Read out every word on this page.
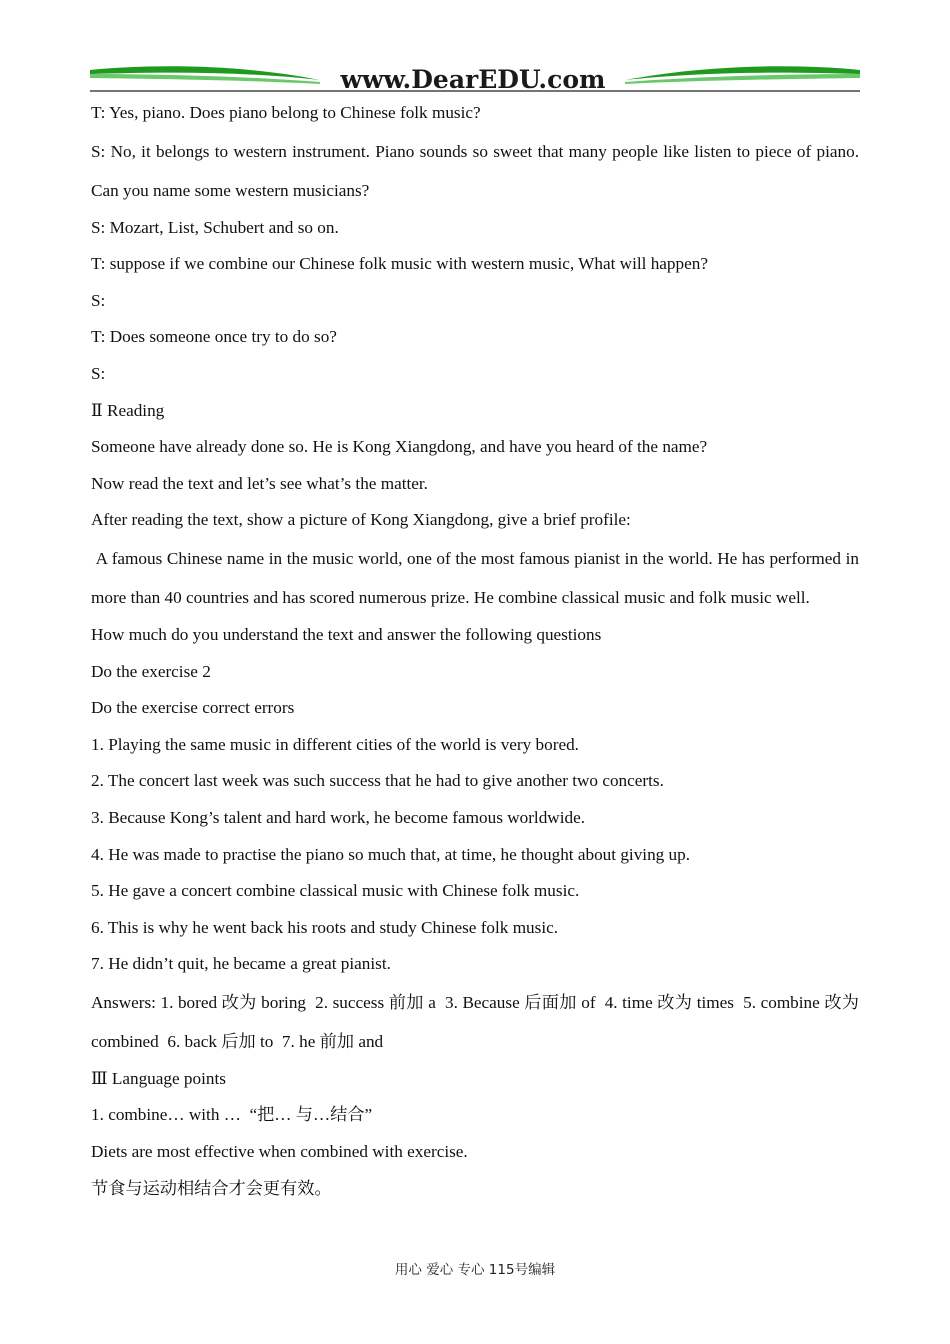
www.DearEDU.com
T: Yes, piano. Does piano belong to Chinese folk music?
S: No, it belongs to western instrument. Piano sounds so sweet that many people like listen to piece of piano. Can you name some western musicians?
S: Mozart, List, Schubert and so on.
T: suppose if we combine our Chinese folk music with western music, What will happen?
S:
T: Does someone once try to do so?
S:
Ⅱ Reading
Someone have already done so. He is Kong Xiangdong, and have you heard of the name?
Now read the text and let’s see what’s the matter.
After reading the text, show a picture of Kong Xiangdong, give a brief profile:
A famous Chinese name in the music world, one of the most famous pianist in the world. He has performed in more than 40 countries and has scored numerous prize. He combine classical music and folk music well.
How much do you understand the text and answer the following questions
Do the exercise 2
Do the exercise correct errors
1. Playing the same music in different cities of the world is very bored.
2. The concert last week was such success that he had to give another two concerts.
3. Because Kong’s talent and hard work, he become famous worldwide.
4. He was made to practise the piano so much that, at time, he thought about giving up.
5. He gave a concert combine classical music with Chinese folk music.
6. This is why he went back his roots and study Chinese folk music.
7. He didn’t quit, he became a great pianist.
Answers: 1. bored 改为 boring  2. success 前加 a  3. Because 后面加 of  4. time 改为 times  5. combine 改为 combined  6. back 后加 to  7. he 前加 and
Ⅲ Language points
1. combine… with …  “把… 与…结合”
Diets are most effective when combined with exercise.
节食与运动相结合才会更有效。
用心 爱心 专心 115号编辑
